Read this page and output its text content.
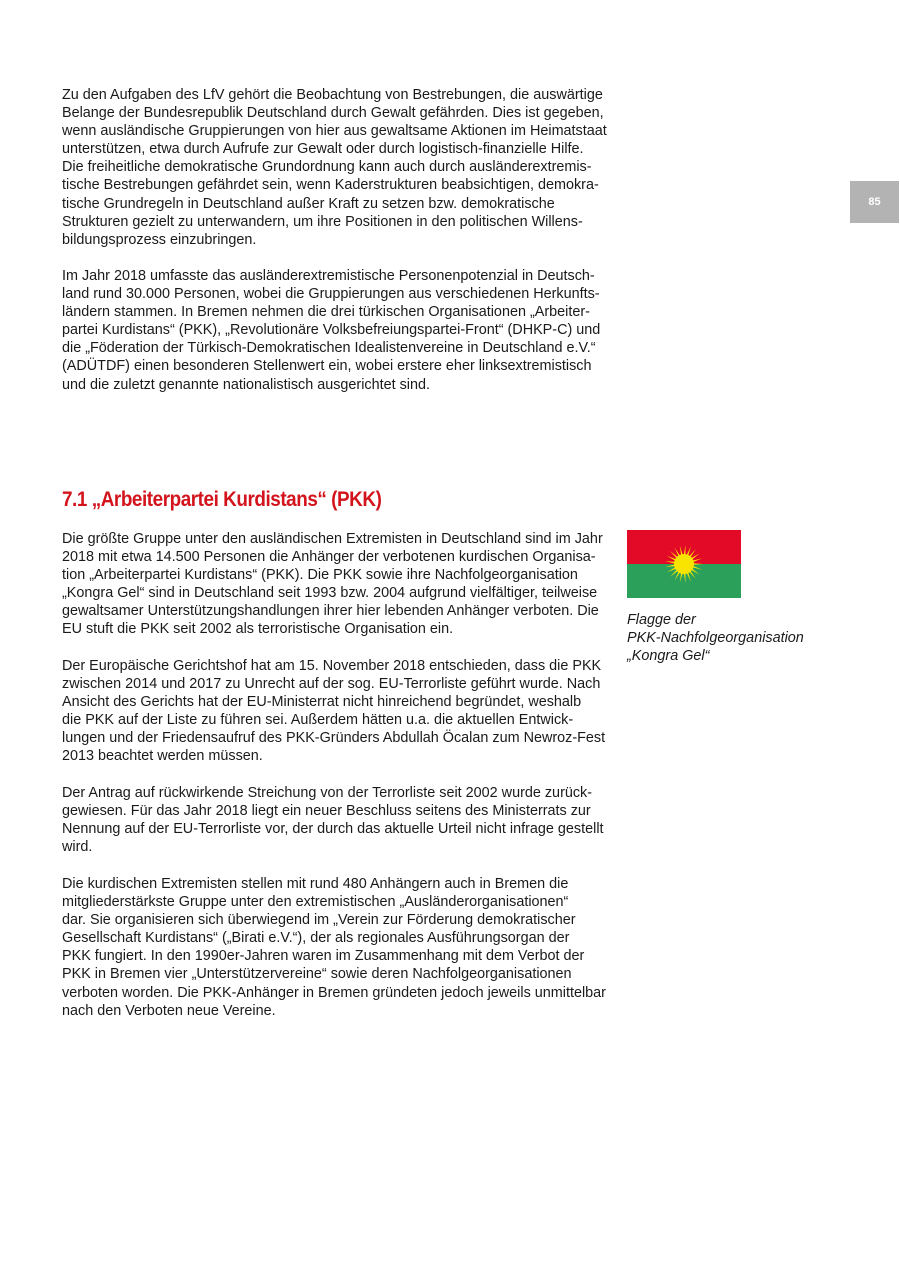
85

Zu den Aufgaben des LfV gehört die Beobachtung von Bestrebungen, die auswärtige
Belange der Bundesrepublik Deutschland durch Gewalt gefährden. Dies ist gegeben,
wenn ausländische Gruppierungen von hier aus gewaltsame Aktionen im Heimatstaat
unterstützen, etwa durch Aufrufe zur Gewalt oder durch logistisch-finanzielle Hilfe.
Die freiheitliche demokratische Grundordnung kann auch durch ausländerextremis-
tische Bestrebungen gefährdet sein, wenn Kaderstrukturen beabsichtigen, demokra-
tische Grundregeln in Deutschland außer Kraft zu setzen bzw. demokratische
Strukturen gezielt zu unterwandern, um ihre Positionen in den politischen Willens-
bildungsprozess einzubringen.

Im Jahr 2018 umfasste das ausländerextremistische Personenpotenzial in Deutsch-
land rund 30.000 Personen, wobei die Gruppierungen aus verschiedenen Herkunfts-
ländern stammen. In Bremen nehmen die drei türkischen Organisationen „Arbeiter-
partei Kurdistans“ (PKK), „Revolutionäre Volksbefreiungspartei-Front“ (DHKP-C) und
die „Föderation der Türkisch-Demokratischen Idealistenvereine in Deutschland e.V.“
(ADÜTDF) einen besonderen Stellenwert ein, wobei erstere eher linksextremistisch
und die zuletzt genannte nationalistisch ausgerichtet sind.

7.1 „Arbeiterpartei Kurdistans“ (PKK)

Die größte Gruppe unter den ausländischen Extremisten in Deutschland sind im Jahr
2018 mit etwa 14.500 Personen die Anhänger der verbotenen kurdischen Organisa-
tion „Arbeiterpartei Kurdistans“ (PKK). Die PKK sowie ihre Nachfolgeorganisation
„Kongra Gel“ sind in Deutschland seit 1993 bzw. 2004 aufgrund vielfältiger, teilweise
gewaltsamer Unterstützungshandlungen ihrer hier lebenden Anhänger verboten. Die
EU stuft die PKK seit 2002 als terroristische Organisation ein.

Der Europäische Gerichtshof hat am 15. November 2018 entschieden, dass die PKK
zwischen 2014 und 2017 zu Unrecht auf der sog. EU-Terrorliste geführt wurde. Nach
Ansicht des Gerichts hat der EU-Ministerrat nicht hinreichend begründet, weshalb
die PKK auf der Liste zu führen sei. Außerdem hätten u.a. die aktuellen Entwick-
lungen und der Friedensaufruf des PKK-Gründers Abdullah Öcalan zum Newroz-Fest
2013 beachtet werden müssen.

Der Antrag auf rückwirkende Streichung von der Terrorliste seit 2002 wurde zurück-
gewiesen. Für das Jahr 2018 liegt ein neuer Beschluss seitens des Ministerrats zur
Nennung auf der EU-Terrorliste vor, der durch das aktuelle Urteil nicht infrage gestellt
wird.

Die kurdischen Extremisten stellen mit rund 480 Anhängern auch in Bremen die
mitgliederstärkste Gruppe unter den extremistischen „Ausländerorganisationen“
dar. Sie organisieren sich überwiegend im „Verein zur Förderung demokratischer
Gesellschaft Kurdistans“ („Birati e.V.“), der als regionales Ausführungsorgan der
PKK fungiert. In den 1990er-Jahren waren im Zusammenhang mit dem Verbot der
PKK in Bremen vier „Unterstützervereine“ sowie deren Nachfolgeorganisationen
verboten worden. Die PKK-Anhänger in Bremen gründeten jedoch jeweils unmittelbar
nach den Verboten neue Vereine.

Flagge der
PKK-Nachfolgeorganisation
„Kongra Gel“
